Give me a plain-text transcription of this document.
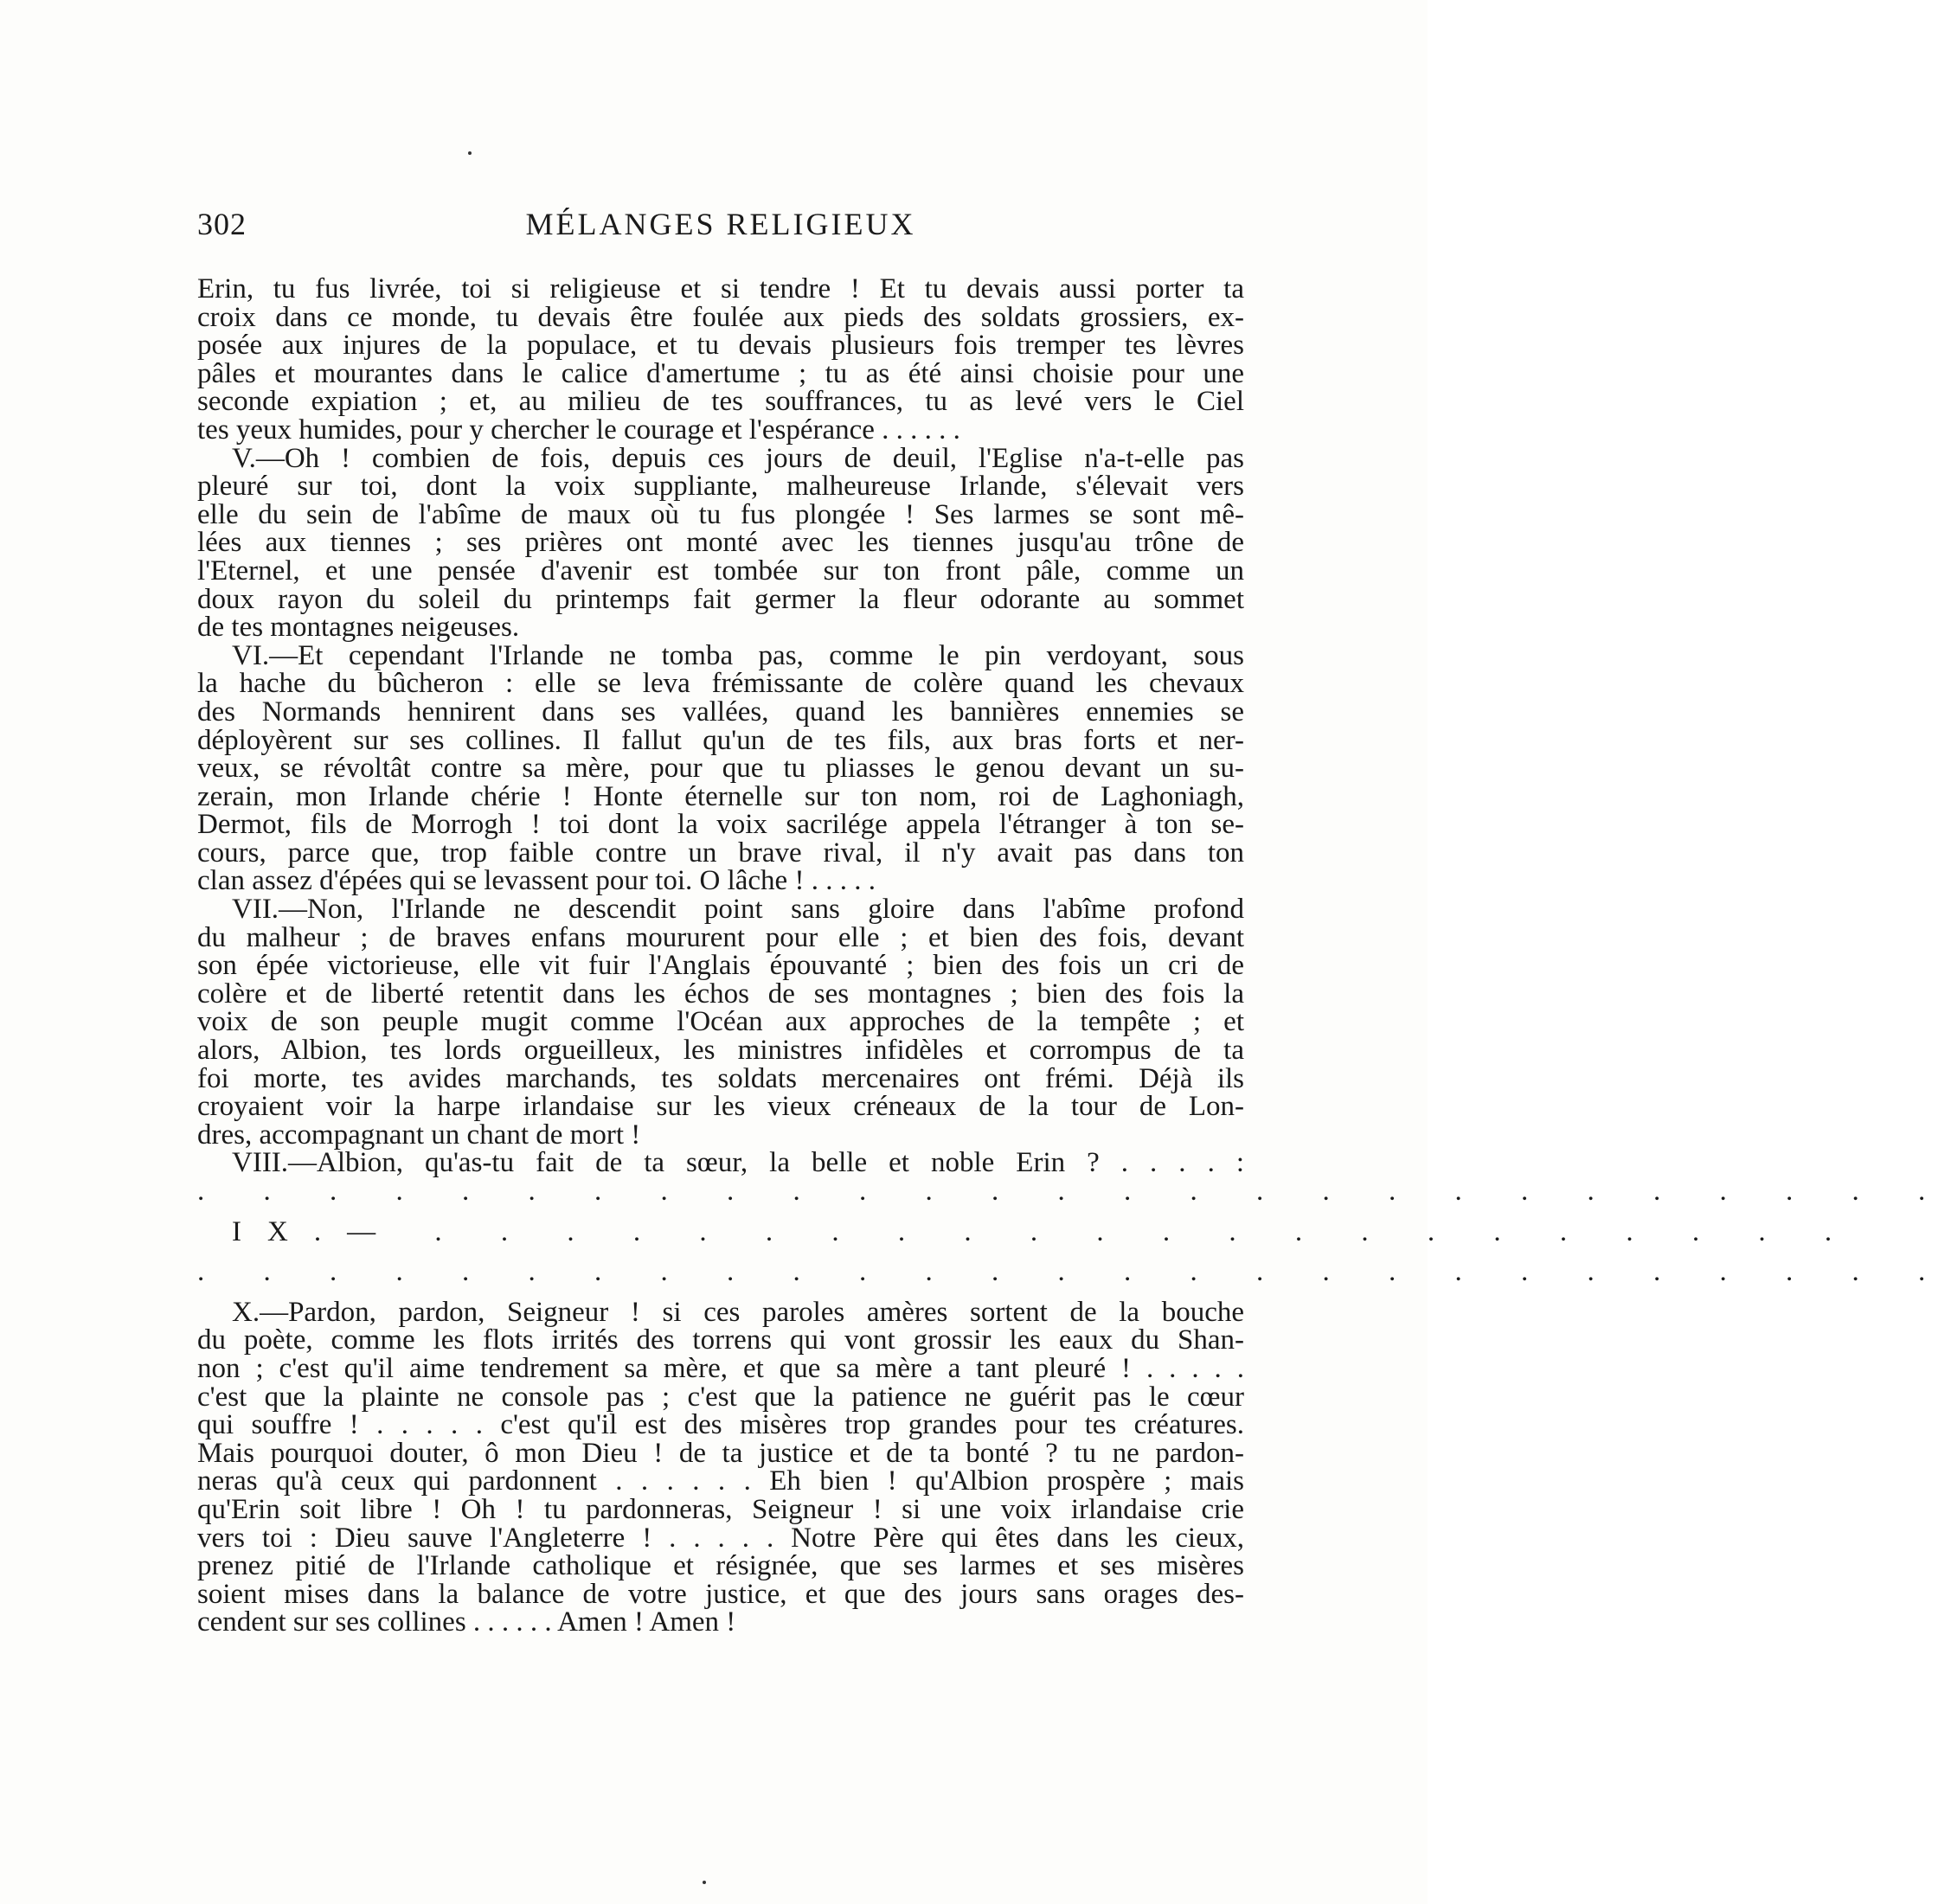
302	MÉLANGES RELIGIEUX
Erin, tu fus livrée, toi si religieuse et si tendre ! Et tu devais aussi porter ta
croix dans ce monde, tu devais être foulée aux pieds des soldats grossiers, ex-
posée aux injures de la populace, et tu devais plusieurs fois tremper tes lèvres
pâles et mourantes dans le calice d'amertume ; tu as été ainsi choisie pour une
seconde expiation ; et, au milieu de tes souffrances, tu as levé vers le Ciel
tes yeux humides, pour y chercher le courage et l'espérance . . . . . .
V.—Oh ! combien de fois, depuis ces jours de deuil, l'Eglise n'a-t-elle pas
pleuré sur toi, dont la voix suppliante, malheureuse Irlande, s'élevait vers
elle du sein de l'abîme de maux où tu fus plongée ! Ses larmes se sont mê-
lées aux tiennes ; ses prières ont monté avec les tiennes jusqu'au trône de
l'Eternel, et une pensée d'avenir est tombée sur ton front pâle, comme un
doux rayon du soleil du printemps fait germer la fleur odorante au sommet
de tes montagnes neigeuses.
VI.—Et cependant l'Irlande ne tomba pas, comme le pin verdoyant, sous
la hache du bûcheron : elle se leva frémissante de colère quand les chevaux
des Normands hennirent dans ses vallées, quand les bannières ennemies se
déployèrent sur ses collines. Il fallut qu'un de tes fils, aux bras forts et ner-
veux, se révoltât contre sa mère, pour que tu pliasses le genou devant un su-
zerain, mon Irlande chérie ! Honte éternelle sur ton nom, roi de Laghoniagh,
Dermot, fils de Morrogh ! toi dont la voix sacrilége appela l'étranger à ton se-
cours, parce que, trop faible contre un brave rival, il n'y avait pas dans ton
clan assez d'épées qui se levassent pour toi. O lâche ! . . . . .
VII.—Non, l'Irlande ne descendit point sans gloire dans l'abîme profond
du malheur ; de braves enfans moururent pour elle ; et bien des fois, devant
son épée victorieuse, elle vit fuir l'Anglais épouvanté ; bien des fois un cri de
colère et de liberté retentit dans les échos de ses montagnes ; bien des fois la
voix de son peuple mugit comme l'Océan aux approches de la tempête ; et
alors, Albion, tes lords orgueilleux, les ministres infidèles et corrompus de ta
foi morte, tes avides marchands, tes soldats mercenaires ont frémi. Déjà ils
croyaient voir la harpe irlandaise sur les vieux créneaux de la tour de Lon-
dres, accompagnant un chant de mort !
VIII.—Albion, qu'as-tu fait de ta sœur, la belle et noble Erin ? . . . . :
. . . . . . . . . . . . . . . . . . . . . . . . . . .
IX.— . . . . . . . . . . . . . . . . . . . . . .
. . . . . . . . . . . . . . . . . . . . . . . . . . .
X.—Pardon, pardon, Seigneur ! si ces paroles amères sortent de la bouche
du poète, comme les flots irrités des torrens qui vont grossir les eaux du Shan-
non ; c'est qu'il aime tendrement sa mère, et que sa mère a tant pleuré ! . . . . .
c'est que la plainte ne console pas ; c'est que la patience ne guérit pas le cœur
qui souffre ! . . . . . c'est qu'il est des misères trop grandes pour tes créatures.
Mais pourquoi douter, ô mon Dieu ! de ta justice et de ta bonté ? tu ne pardon-
neras qu'à ceux qui pardonnent . . . . . . Eh bien ! qu'Albion prospère ; mais
qu'Erin soit libre ! Oh ! tu pardonneras, Seigneur ! si une voix irlandaise crie
vers toi : Dieu sauve l'Angleterre ! . . . . . Notre Père qui êtes dans les cieux,
prenez pitié de l'Irlande catholique et résignée, que ses larmes et ses misères
soient mises dans la balance de votre justice, et que des jours sans orages des-
cendent sur ses collines . . . . . . Amen ! Amen !
